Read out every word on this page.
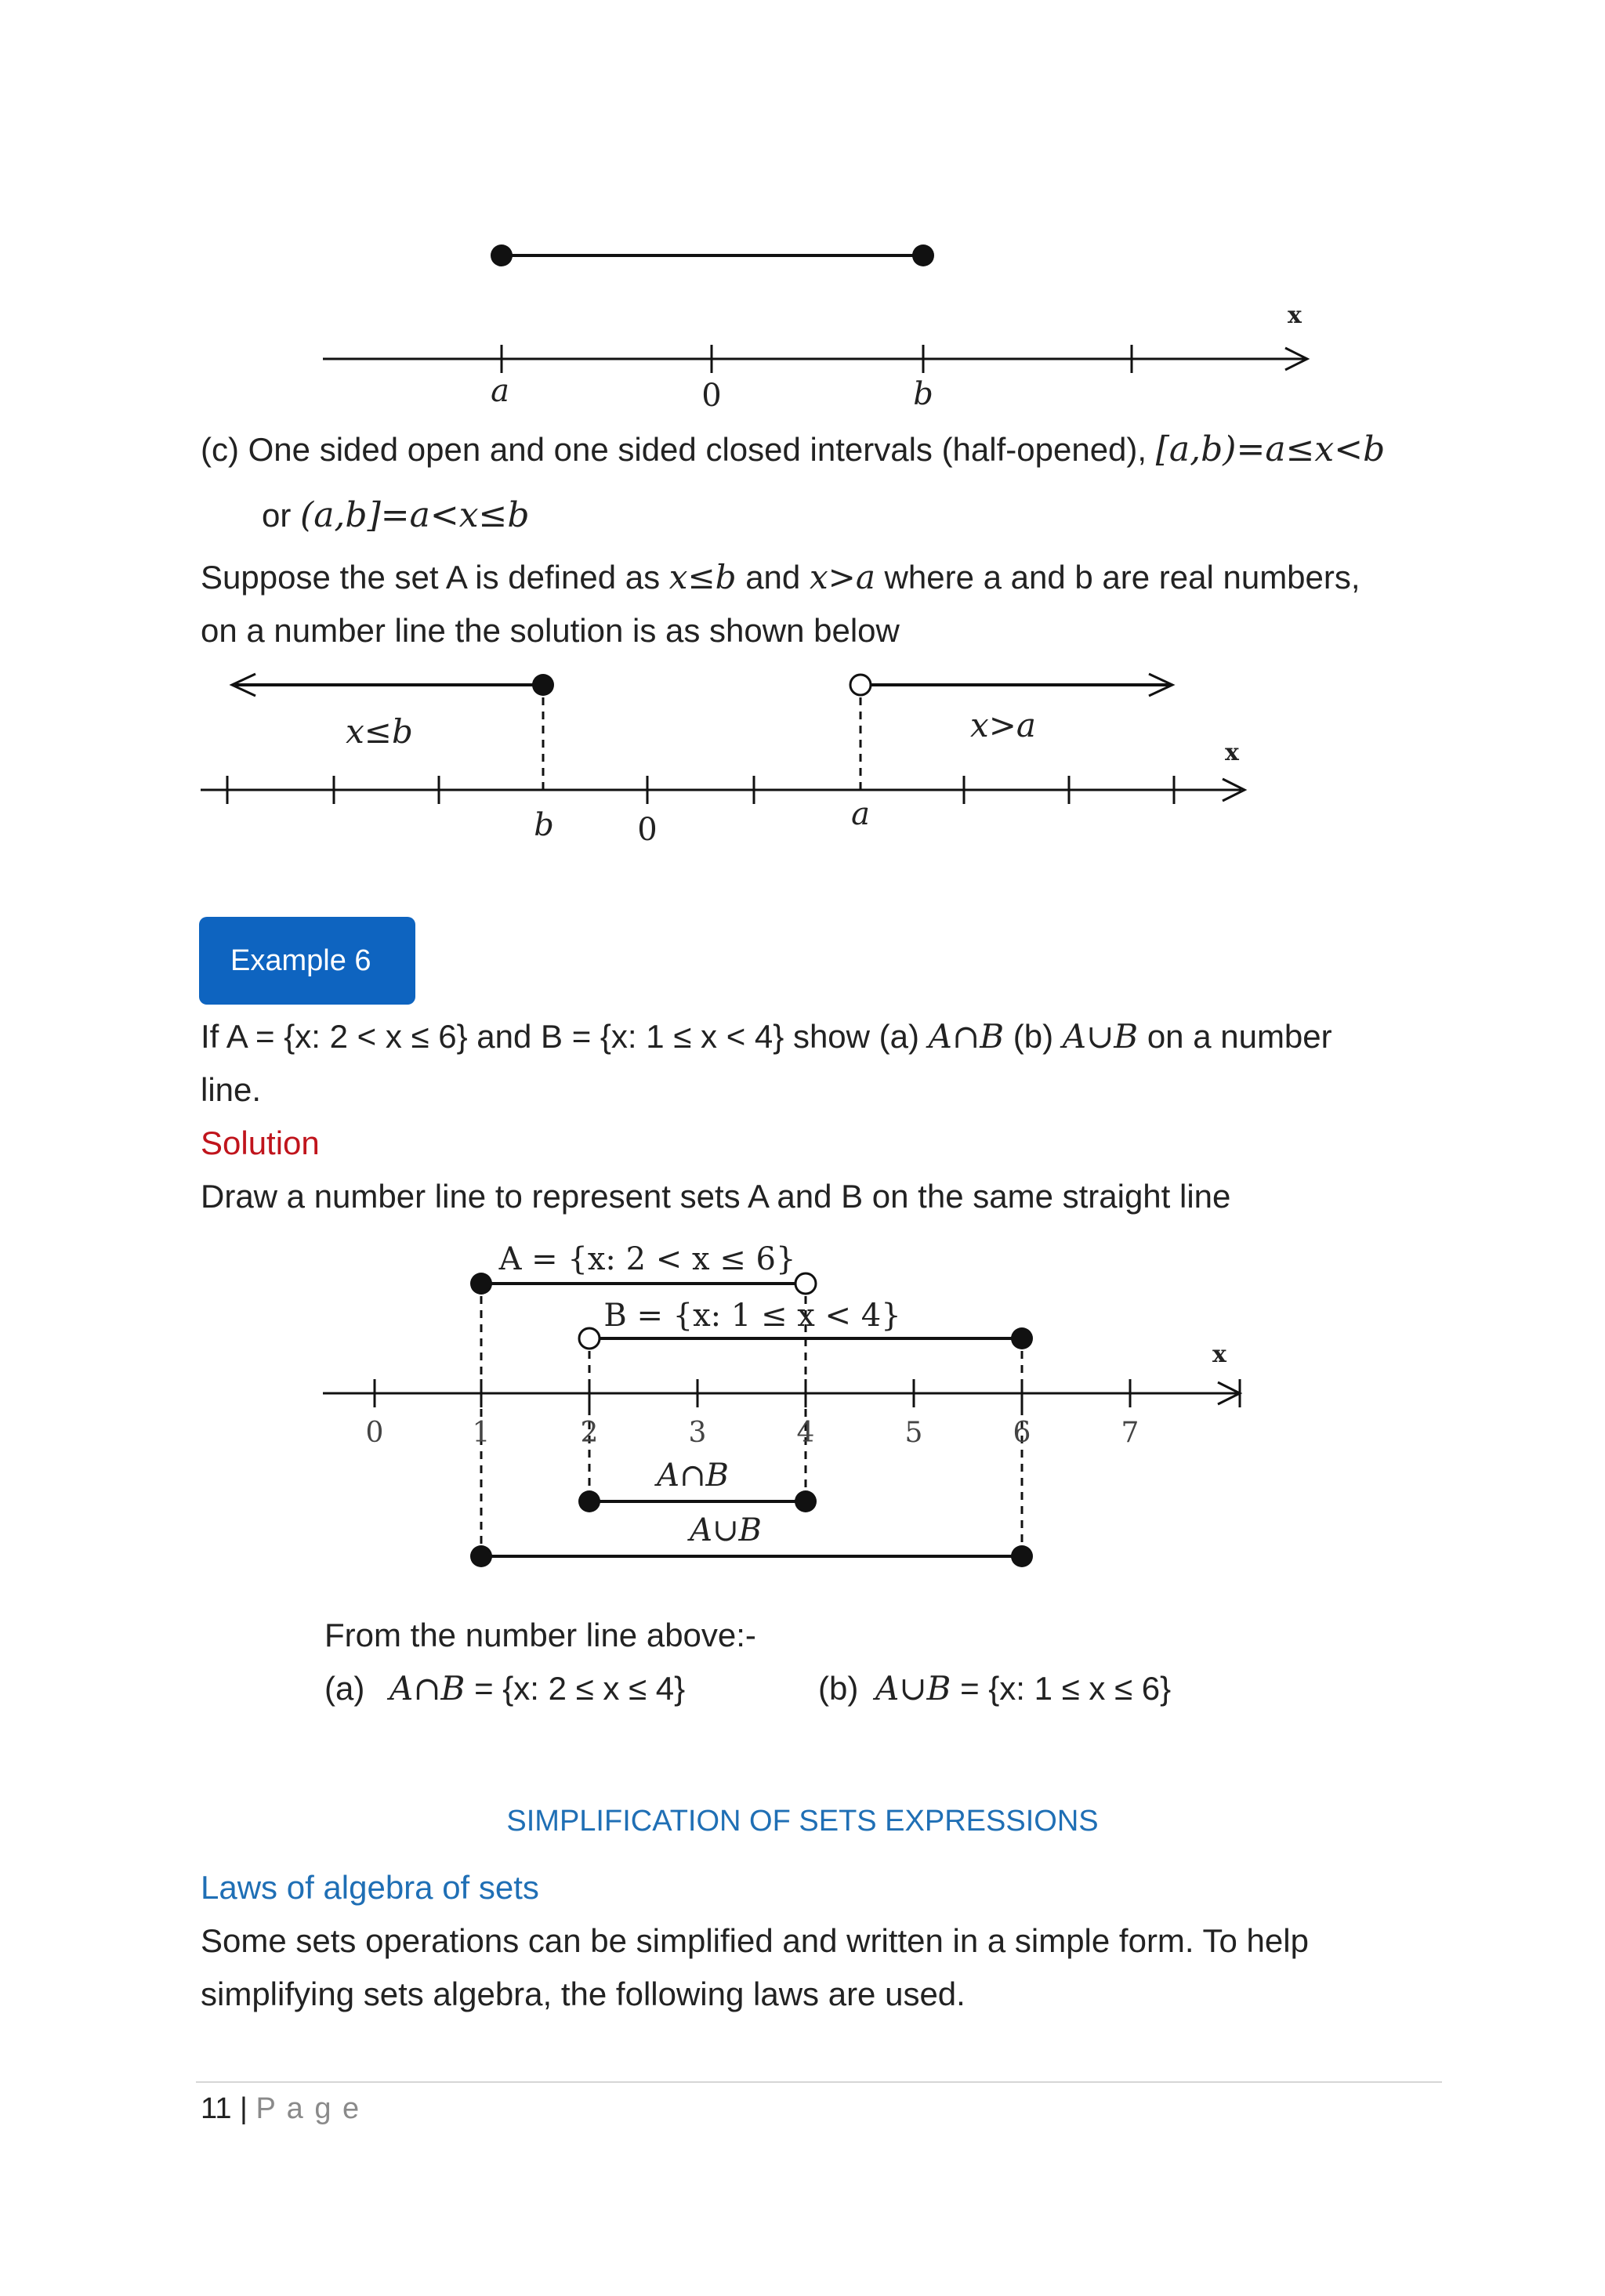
a	0	b
x
(c) One sided open and one sided closed intervals (half-opened), [a,b)=a≤x<b
or (a,b]=a<x≤b
Suppose the set A is defined as x≤b and x>a where a and b are real numbers,
on a number line the solution is as shown below
x≤b	x>a
b	0	a
x
Example 6
If A = {x: 2 < x ≤ 6} and B = {x: 1 ≤ x < 4} show (a) A∩B (b) A∪B on a number
line.
Solution
Draw a number line to represent sets A and B on the same straight line
0	1	2	3	4	5	6	7
x
A = {x: 2 < x ≤ 6}
B = {x: 1 ≤ x < 4}
A∩B
A∪B
From the number line above:-
(a) A∩B = {x: 2 ≤ x ≤ 4}	(b) A∪B = {x: 1 ≤ x ≤ 6}
SIMPLIFICATION OF SETS EXPRESSIONS
Laws of algebra of sets
Some sets operations can be simplified and written in a simple form. To help
simplifying sets algebra, the following laws are used.
11 | P a g e
